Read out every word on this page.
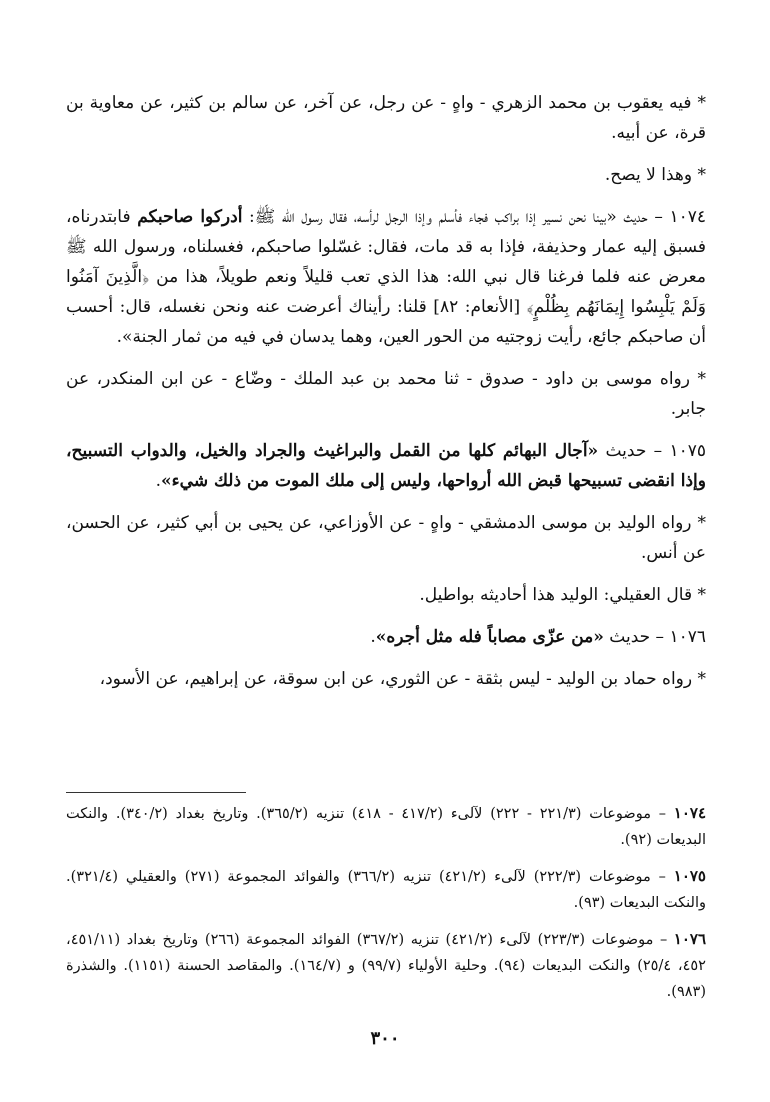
* فيه يعقوب بن محمد الزهري - واهٍ - عن رجل، عن آخر، عن سالم بن كثير، عن معاوية بن قرة، عن أبيه.

* وهذا لا يصح.

١٠٧٤ – حديث «بينا نحن نسير إذا براكب فجاء فأسلم وإذا الرجل لرأسه، فقال رسول الله ﷺ: أدركوا صاحبكم فابتدرناه، فسبق إليه عمار وحذيفة، فإذا به قد مات، فقال: غسّلوا صاحبكم، فغسلناه، ورسول الله ﷺ معرض عنه فلما فرغنا قال نبي الله: هذا الذي تعب قليلاً ونعم طويلاً، هذا من ﴿الَّذِينَ آمَنُوا وَلَمْ يَلْبِسُوا إِيمَانَهُم بِظُلْمٍ﴾ [الأنعام: ٨٢] قلنا: رأيناك أعرضت عنه ونحن نغسله، قال: أحسب أن صاحبكم جائع، رأيت زوجتيه من الحور العين، وهما يدسان في فيه من ثمار الجنة».

* رواه موسى بن داود - صدوق - ثنا محمد بن عبد الملك - وضّاع - عن ابن المنكدر، عن جابر.

١٠٧٥ – حديث «آجال البهائم كلها من القمل والبراغيث والجراد والخيل، والدواب التسبيح، وإذا انقضى تسبيحها قبض الله أرواحها، وليس إلى ملك الموت من ذلك شيء».

* رواه الوليد بن موسى الدمشقي - واهٍ - عن الأوزاعي، عن يحيى بن أبي كثير، عن الحسن، عن أنس.

* قال العقيلي: الوليد هذا أحاديثه بواطيل.

١٠٧٦ – حديث «من عزّى مصاباً فله مثل أجره».

* رواه حماد بن الوليد - ليس بثقة - عن الثوري، عن ابن سوقة، عن إبراهيم، عن الأسود،

١٠٧٤ – موضوعات (٢٢١/٣ - ٢٢٢) لآلىء (٤١٧/٢ - ٤١٨) تنزيه (٣٦٥/٢). وتاريخ بغداد (٣٤٠/٢). والنكت البديعات (٩٢).

١٠٧٥ – موضوعات (٢٢٢/٣) لآلىء (٤٢١/٢) تنزيه (٣٦٦/٢) والفوائد المجموعة (٢٧١) والعقيلي (٣٢١/٤). والنكت البديعات (٩٣).

١٠٧٦ – موضوعات (٢٢٣/٣) لآلىء (٤٢١/٢) تنزيه (٣٦٧/٢) الفوائد المجموعة (٢٦٦) وتاريخ بغداد (٤٥١/١١، ٤٥٢، ٢٥/٤) والنكت البديعات (٩٤). وحلية الأولياء (٩٩/٧) و (١٦٤/٧). والمقاصد الحسنة (١١٥١). والشذرة (٩٨٣).

٣٠٠
